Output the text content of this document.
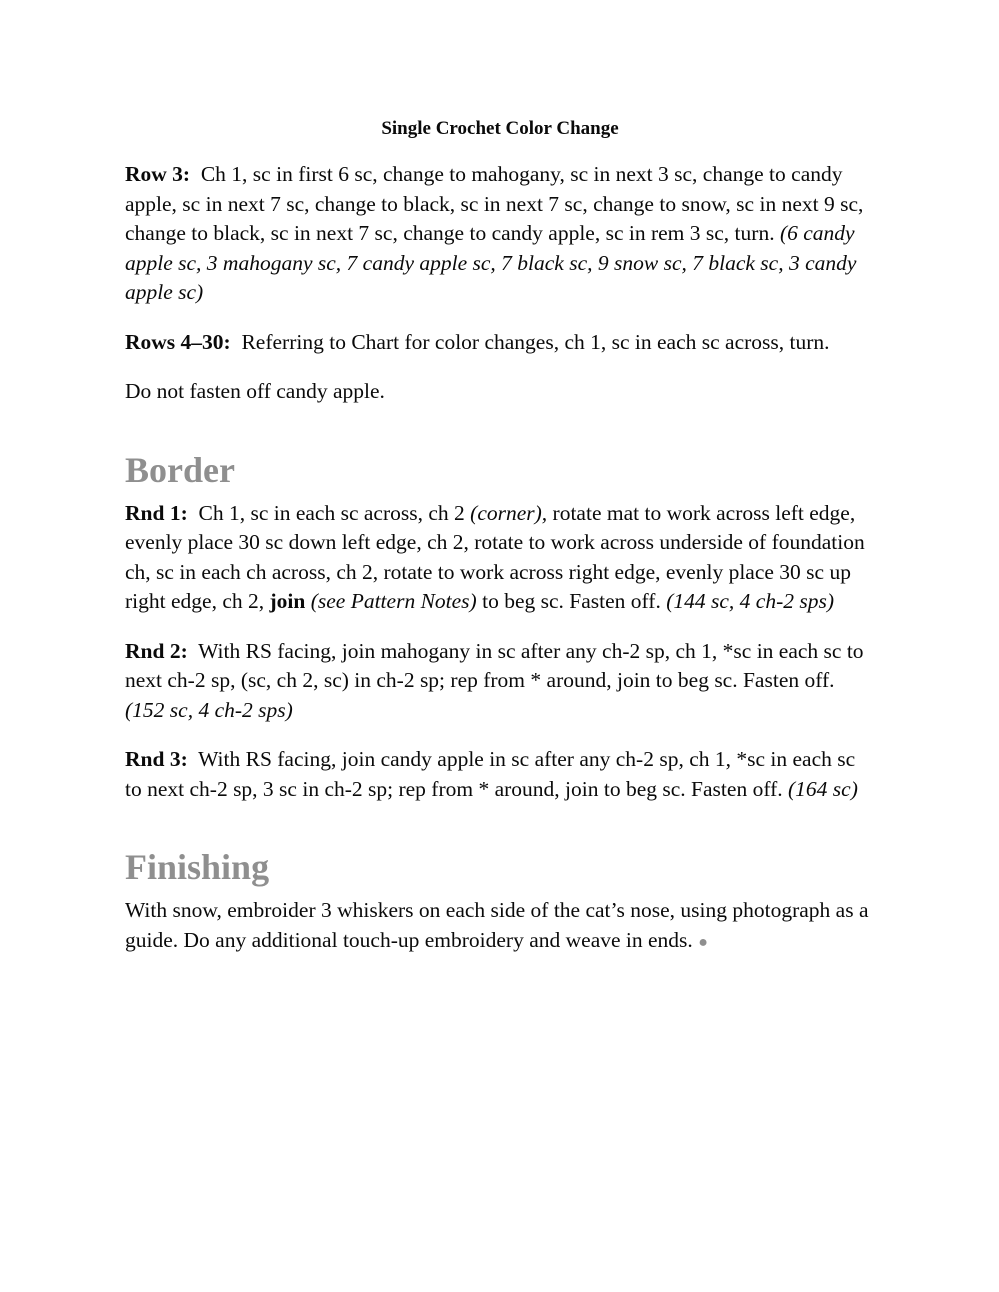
Single Crochet Color Change

Row 3:  Ch 1, sc in first 6 sc, change to mahogany, sc in next 3 sc, change to candy apple, sc in next 7 sc, change to black, sc in next 7 sc, change to snow, sc in next 9 sc, change to black, sc in next 7 sc, change to candy apple, sc in rem 3 sc, turn. (6 candy apple sc, 3 mahogany sc, 7 candy apple sc, 7 black sc, 9 snow sc, 7 black sc, 3 candy apple sc)

Rows 4–30:  Referring to Chart for color changes, ch 1, sc in each sc across, turn.

Do not fasten off candy apple.

Border

Rnd 1:  Ch 1, sc in each sc across, ch 2 (corner), rotate mat to work across left edge, evenly place 30 sc down left edge, ch 2, rotate to work across underside of foundation ch, sc in each ch across, ch 2, rotate to work across right edge, evenly place 30 sc up right edge, ch 2, join (see Pattern Notes) to beg sc. Fasten off. (144 sc, 4 ch-2 sps)

Rnd 2:  With RS facing, join mahogany in sc after any ch-2 sp, ch 1, *sc in each sc to next ch-2 sp, (sc, ch 2, sc) in ch-2 sp; rep from * around, join to beg sc. Fasten off. (152 sc, 4 ch-2 sps)

Rnd 3:  With RS facing, join candy apple in sc after any ch-2 sp, ch 1, *sc in each sc to next ch-2 sp, 3 sc in ch-2 sp; rep from * around, join to beg sc. Fasten off. (164 sc)

Finishing

With snow, embroider 3 whiskers on each side of the cat’s nose, using photograph as a guide. Do any additional touch-up embroidery and weave in ends. ●
